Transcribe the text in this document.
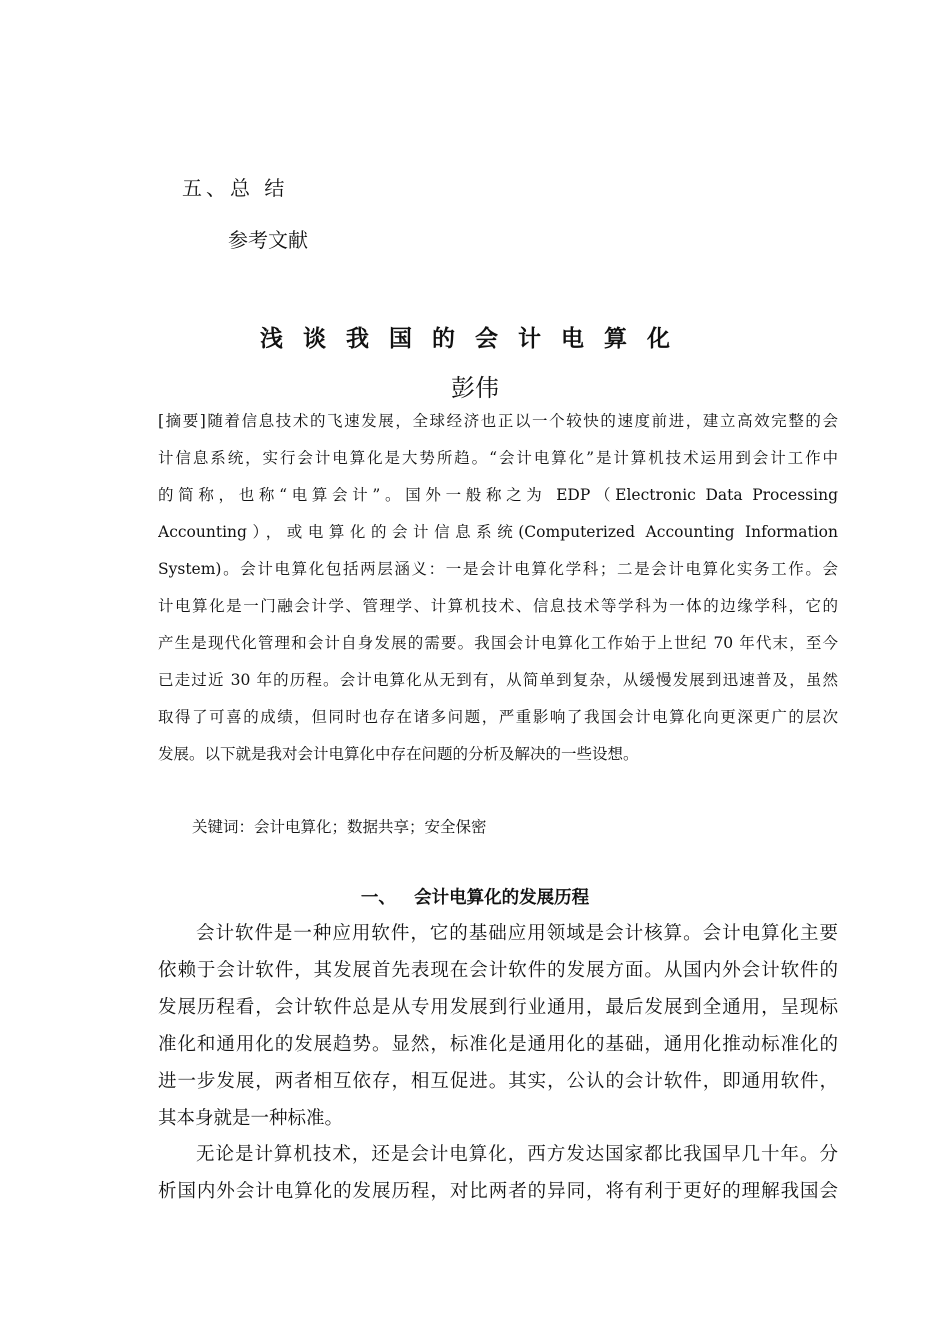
五、总 结

参考文献

浅谈我国的会计电算化

彭伟

[摘要]随着信息技术的飞速发展，全球经济也正以一个较快的速度前进，建立高效完整的会
计信息系统，实行会计电算化是大势所趋。“会计电算化”是计算机技术运用到会计工作中
的简称，也称“电算会计”。国外一般称之为 EDP（Electronic Data Processing
Accounting），或电算化的会计信息系统(Computerized Accounting Information
System)。会计电算化包括两层涵义：一是会计电算化学科；二是会计电算化实务工作。会
计电算化是一门融会计学、管理学、计算机技术、信息技术等学科为一体的边缘学科，它的
产生是现代化管理和会计自身发展的需要。我国会计电算化工作始于上世纪 70 年代末，至今
已走过近 30 年的历程。会计电算化从无到有，从简单到复杂，从缓慢发展到迅速普及，虽然
取得了可喜的成绩，但同时也存在诸多问题，严重影响了我国会计电算化向更深更广的层次
发展。以下就是我对会计电算化中存在问题的分析及解决的一些设想。

关键词：会计电算化；数据共享；安全保密

一、   会计电算化的发展历程
会计软件是一种应用软件，它的基础应用领域是会计核算。会计电算化主要
依赖于会计软件，其发展首先表现在会计软件的发展方面。从国内外会计软件的
发展历程看，会计软件总是从专用发展到行业通用，最后发展到全通用，呈现标
准化和通用化的发展趋势。显然，标准化是通用化的基础，通用化推动标准化的
进一步发展，两者相互依存，相互促进。其实，公认的会计软件，即通用软件，
其本身就是一种标准。
无论是计算机技术，还是会计电算化，西方发达国家都比我国早几十年。分
析国内外会计电算化的发展历程，对比两者的异同，将有利于更好的理解我国会
